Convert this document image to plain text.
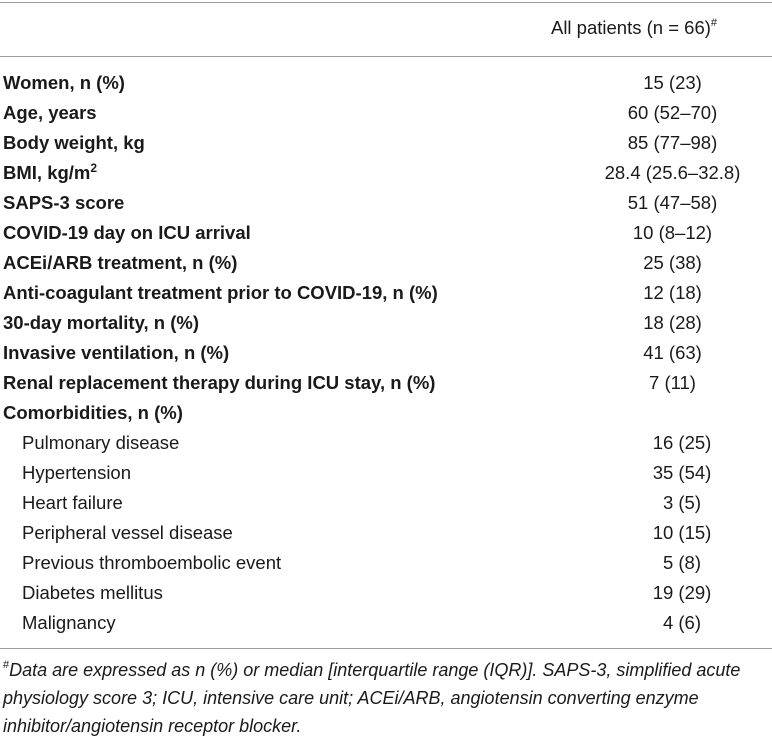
All patients (n = 66)#
Women, n (%)	15 (23)
Age, years	60 (52–70)
Body weight, kg	85 (77–98)
BMI, $kg/m^2$	28.4 (25.6–32.8)
SAPS-3 score	51 (47–58)
COVID-19 day on ICU arrival	10 (8–12)
ACEi/ARB treatment, n (%)	25 (38)
Anti-coagulant treatment prior to COVID-19, n (%)	12 (18)
30-day mortality, n (%)	18 (28)
Invasive ventilation, n (%)	41 (63)
Renal replacement therapy during ICU stay, n (%)	7 (11)
Comorbidities, n (%)
Pulmonary disease	16 (25)
Hypertension	35 (54)
Heart failure	3 (5)
Peripheral vessel disease	10 (15)
Previous thromboembolic event	5 (8)
Diabetes mellitus	19 (29)
Malignancy	4 (6)
#Data are expressed as n (%) or median [interquartile range (IQR)]. SAPS-3, simplified acute physiology score 3; ICU, intensive care unit; ACEi/ARB, angiotensin converting enzyme inhibitor/angiotensin receptor blocker.
